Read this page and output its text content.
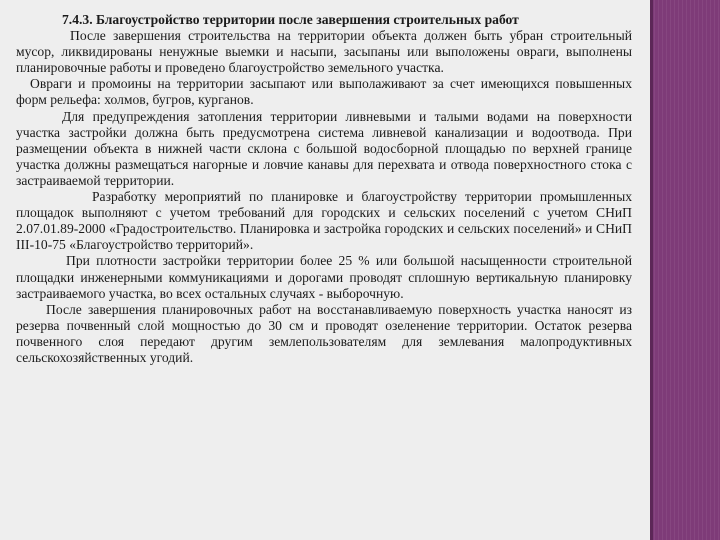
7.4.3. Благоустройство территории после завершения строительных работ

После завершения строительства на территории объекта должен быть убран строительный мусор, ликвидированы ненужные выемки и насыпи, засыпаны или выположены овраги, выполнены планировочные работы и проведено благоустройство земельного участка.

Овраги и промоины на территории засыпают или выполаживают за счет имеющихся повышенных форм рельефа: холмов, бугров, курганов.

Для предупреждения затопления территории ливневыми и талыми водами на поверхности участка застройки должна быть предусмотрена система ливневой канализации и водоотвода. При размещении объекта в нижней части склона с большой водосборной площадью по верхней границе участка должны размещаться нагорные и ловчие канавы для перехвата и отвода поверхностного стока с застраиваемой территории.

Разработку мероприятий по планировке и благоустройству территории промышленных площадок выполняют с учетом требований для городских и сельских поселений с учетом СНиП 2.07.01.89-2000 «Градостроительство. Планировка и застройка городских и сельских поселений» и СНиП III-10-75 «Благоустройство территорий».

При плотности застройки территории более 25 % или большой насыщенности строительной площадки инженерными коммуникациями и дорогами проводят сплошную вертикальную планировку застраиваемого участка, во всех остальных случаях - выборочную.

После завершения планировочных работ на восстанавливаемую поверхность участка наносят из резерва почвенный слой мощностью до 30 см и проводят озеленение территории. Остаток резерва почвенного слоя передают другим землепользователям для землевания малопродуктивных сельскохозяйственных угодий.
